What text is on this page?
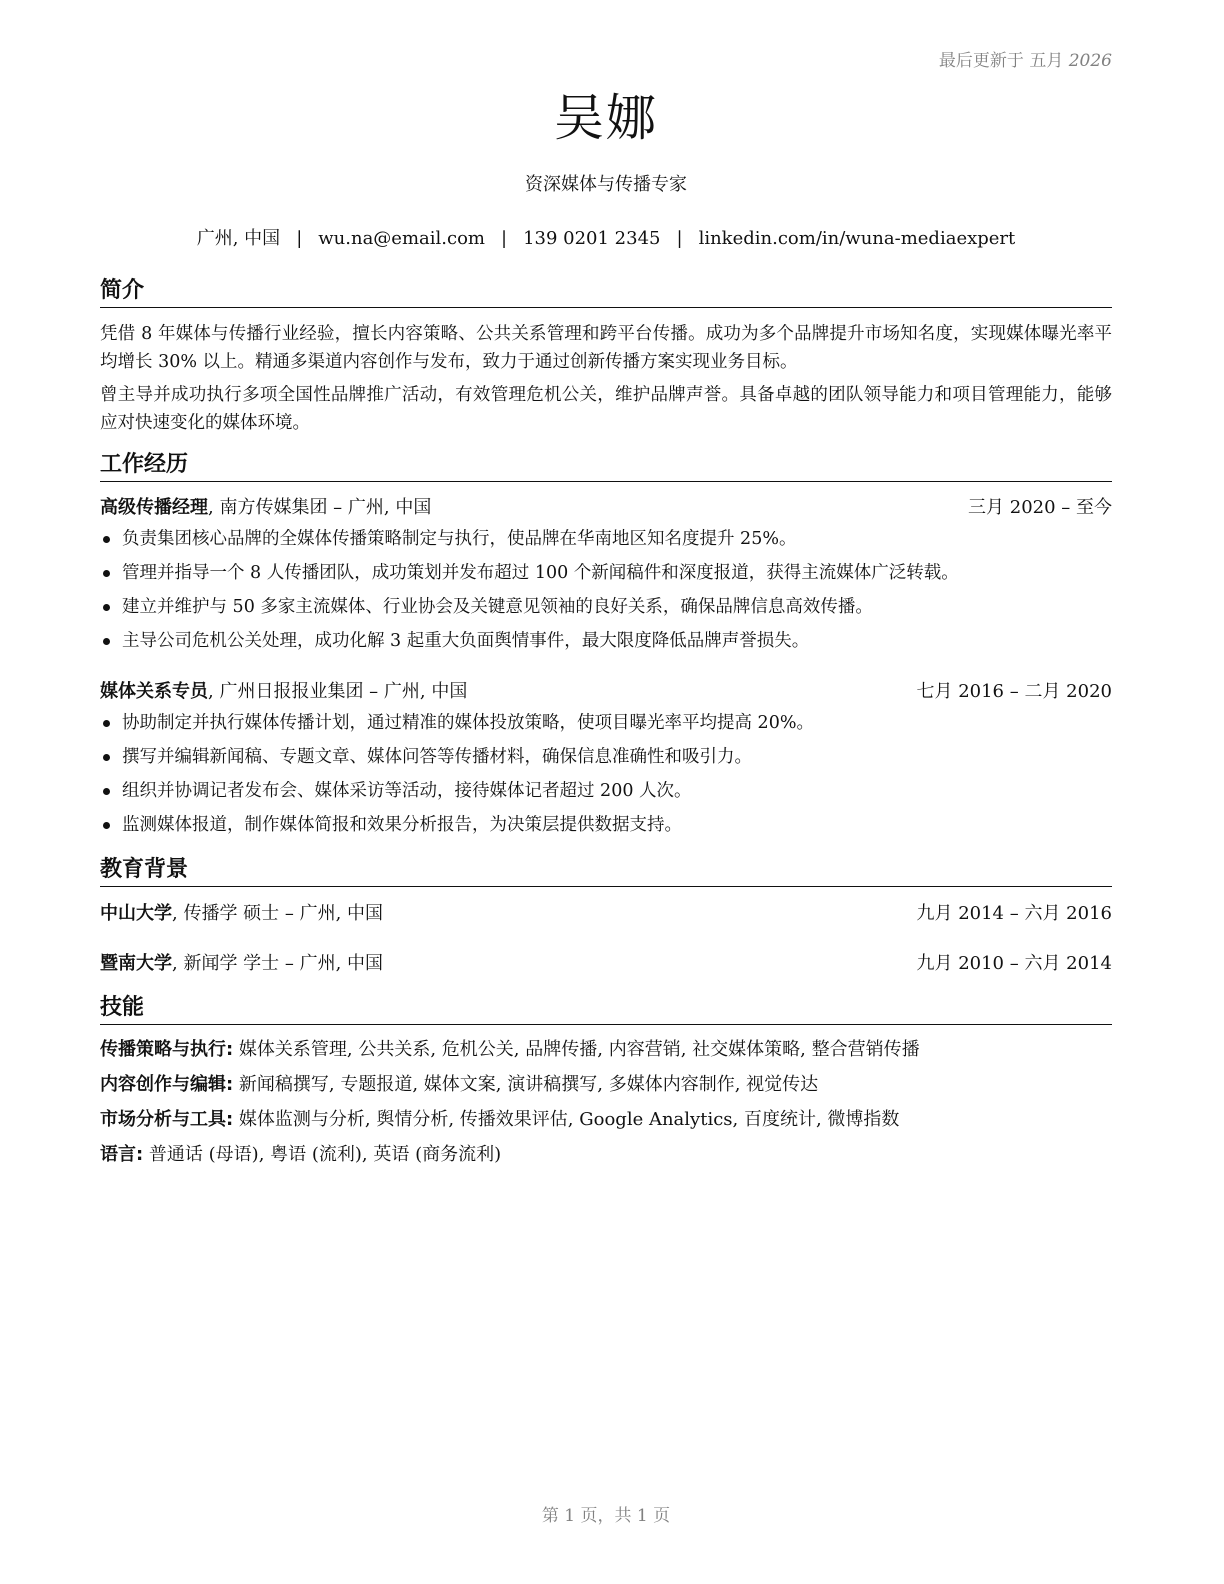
最后更新于 五月 2026
吴娜
资深媒体与传播专家
广州, 中国 | wu.na@email.com | 139 0201 2345 | linkedin.com/in/wuna-mediaexpert
简介
凭借 8 年媒体与传播行业经验，擅长内容策略、公共关系管理和跨平台传播。成功为多个品牌提升市场知名度，实现媒体曝光率平均增长 30% 以上。精通多渠道内容创作与发布，致力于通过创新传播方案实现业务目标。
曾主导并成功执行多项全国性品牌推广活动，有效管理危机公关，维护品牌声誉。具备卓越的团队领导能力和项目管理能力，能够应对快速变化的媒体环境。
工作经历
高级传播经理, 南方传媒集团 – 广州, 中国	三月 2020 – 至今
负责集团核心品牌的全媒体传播策略制定与执行，使品牌在华南地区知名度提升 25%。
管理并指导一个 8 人传播团队，成功策划并发布超过 100 个新闻稿件和深度报道，获得主流媒体广泛转载。
建立并维护与 50 多家主流媒体、行业协会及关键意见领袖的良好关系，确保品牌信息高效传播。
主导公司危机公关处理，成功化解 3 起重大负面舆情事件，最大限度降低品牌声誉损失。
媒体关系专员, 广州日报报业集团 – 广州, 中国	七月 2016 – 二月 2020
协助制定并执行媒体传播计划，通过精准的媒体投放策略，使项目曝光率平均提高 20%。
撰写并编辑新闻稿、专题文章、媒体问答等传播材料，确保信息准确性和吸引力。
组织并协调记者发布会、媒体采访等活动，接待媒体记者超过 200 人次。
监测媒体报道，制作媒体简报和效果分析报告，为决策层提供数据支持。
教育背景
中山大学, 传播学 硕士 – 广州, 中国	九月 2014 – 六月 2016
暨南大学, 新闻学 学士 – 广州, 中国	九月 2010 – 六月 2014
技能
传播策略与执行: 媒体关系管理, 公共关系, 危机公关, 品牌传播, 内容营销, 社交媒体策略, 整合营销传播
内容创作与编辑: 新闻稿撰写, 专题报道, 媒体文案, 演讲稿撰写, 多媒体内容制作, 视觉传达
市场分析与工具: 媒体监测与分析, 舆情分析, 传播效果评估, Google Analytics, 百度统计, 微博指数
语言: 普通话 (母语), 粤语 (流利), 英语 (商务流利)
第 1 页，共 1 页
